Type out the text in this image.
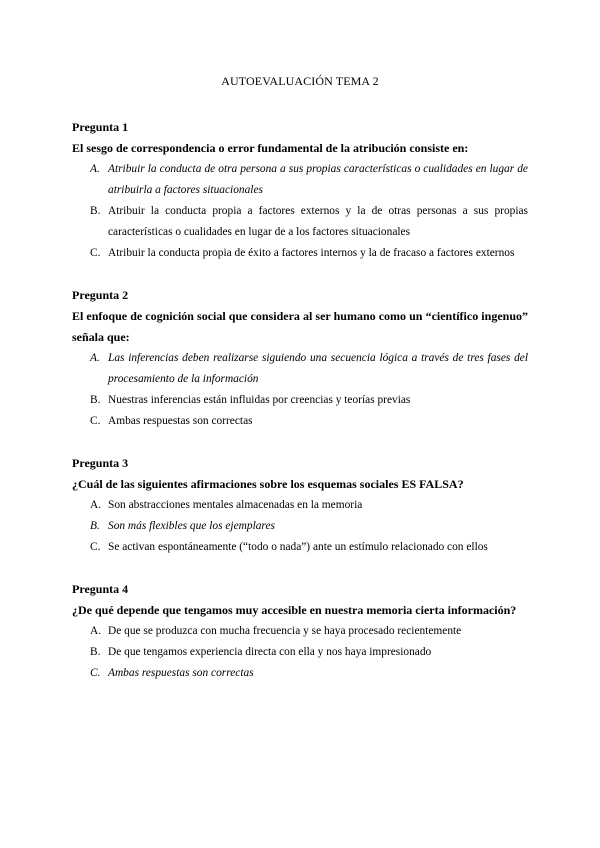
AUTOEVALUACIÓN TEMA 2

Pregunta 1

El sesgo de correspondencia o error fundamental de la atribución consiste en:

A. Atribuir la conducta de otra persona a sus propias características o cualidades en lugar de atribuirla a factores situacionales
B. Atribuir la conducta propia a factores externos y la de otras personas a sus propias características o cualidades en lugar de a los factores situacionales
C. Atribuir la conducta propia de éxito a factores internos y la de fracaso a factores externos

Pregunta 2

El enfoque de cognición social que considera al ser humano como un “científico ingenuo” señala que:

A. Las inferencias deben realizarse siguiendo una secuencia lógica a través de tres fases del procesamiento de la información
B. Nuestras inferencias están influidas por creencias y teorías previas
C. Ambas respuestas son correctas

Pregunta 3

¿Cuál de las siguientes afirmaciones sobre los esquemas sociales ES FALSA?

A. Son abstracciones mentales almacenadas en la memoria
B. Son más flexibles que los ejemplares
C. Se activan espontáneamente (“todo o nada”) ante un estímulo relacionado con ellos

Pregunta 4

¿De qué depende que tengamos muy accesible en nuestra memoria cierta información?

A. De que se produzca con mucha frecuencia y se haya procesado recientemente
B. De que tengamos experiencia directa con ella y nos haya impresionado
C. Ambas respuestas son correctas
